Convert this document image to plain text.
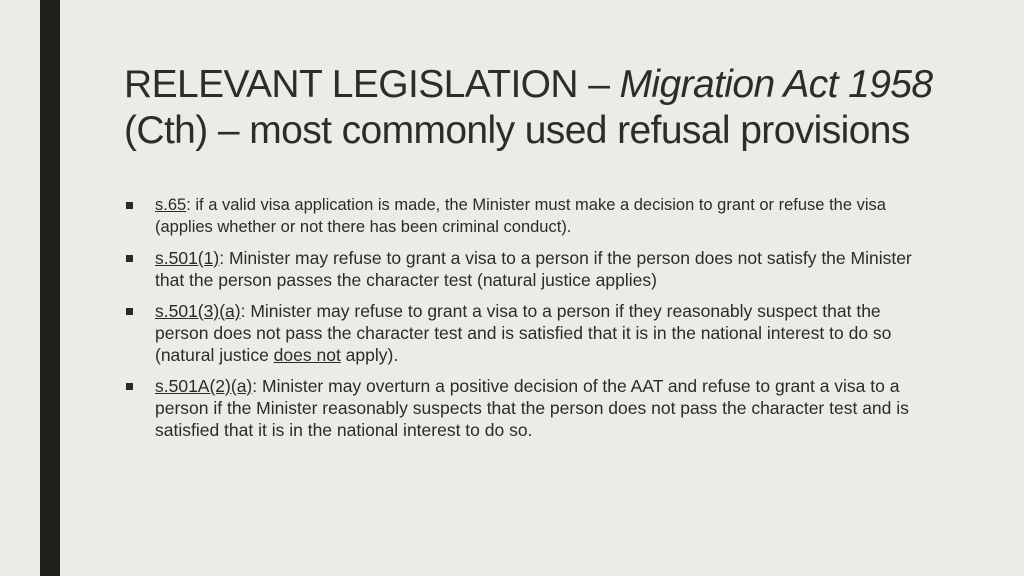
RELEVANT LEGISLATION – Migration Act 1958 (Cth) – most commonly used refusal provisions
s.65: if a valid visa application is made, the Minister must make a decision to grant or refuse the visa (applies whether or not there has been criminal conduct).
s.501(1): Minister may refuse to grant a visa to a person if the person does not satisfy the Minister that the person passes the character test (natural justice applies)
s.501(3)(a): Minister may refuse to grant a visa to a person if they reasonably suspect that the person does not pass the character test and is satisfied that it is in the national interest to do so (natural justice does not apply).
s.501A(2)(a): Minister may overturn a positive decision of the AAT and refuse to grant a visa to a person if the Minister reasonably suspects that the person does not pass the character test and is satisfied that it is in the national interest to do so.
